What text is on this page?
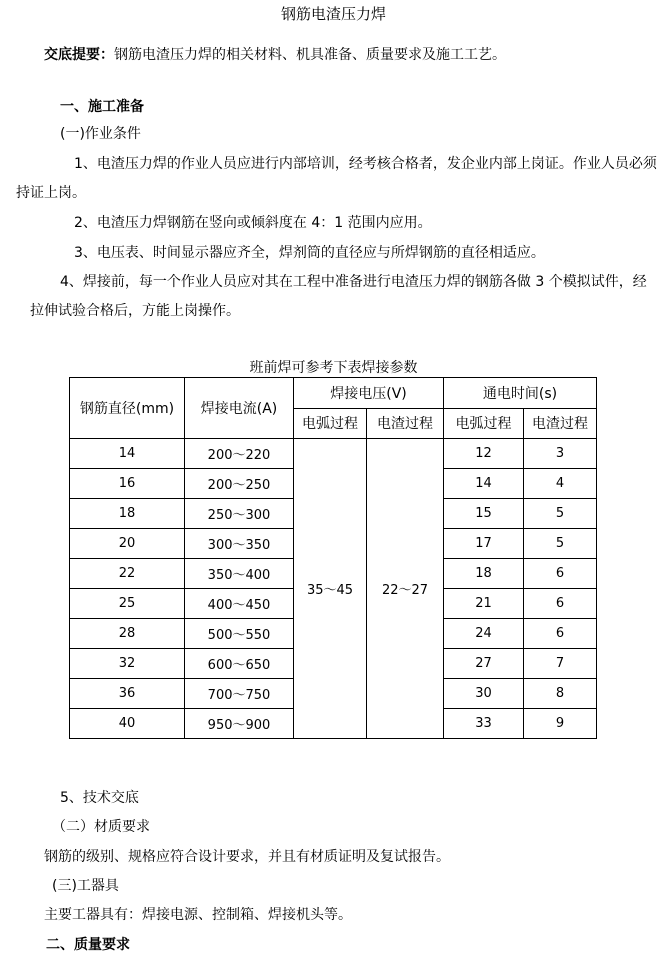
钢筋电渣压力焊
交底提要：钢筋电渣压力焊的相关材料、机具准备、质量要求及施工工艺。
一、施工准备
(一)作业条件
1、电渣压力焊的作业人员应进行内部培训，经考核合格者，发企业内部上岗证。作业人员必须
持证上岗。
2、电渣压力焊钢筋在竖向或倾斜度在 4：1 范围内应用。
3、电压表、时间显示器应齐全，焊剂筒的直径应与所焊钢筋的直径相适应。
4、焊接前，每一个作业人员应对其在工程中准备进行电渣压力焊的钢筋各做 3 个模拟试件，经
拉伸试验合格后，方能上岗操作。
班前焊可参考下表焊接参数
钢筋直径(mm)	焊接电流(A)	焊接电压(V)		通电时间(s)	
		电弧过程	电渣过程	电弧过程	电渣过程
14	200～220	35～45	22～27	12	3
16	200～250			14	4
18	250～300			15	5
20	300～350			17	5
22	350～400			18	6
25	400～450			21	6
28	500～550			24	6
32	600～650			27	7
36	700～750			30	8
40	950～900			33	9
5、技术交底
（二）材质要求
钢筋的级别、规格应符合设计要求，并且有材质证明及复试报告。
(三)工器具
主要工器具有：焊接电源、控制箱、焊接机头等。
二、质量要求
